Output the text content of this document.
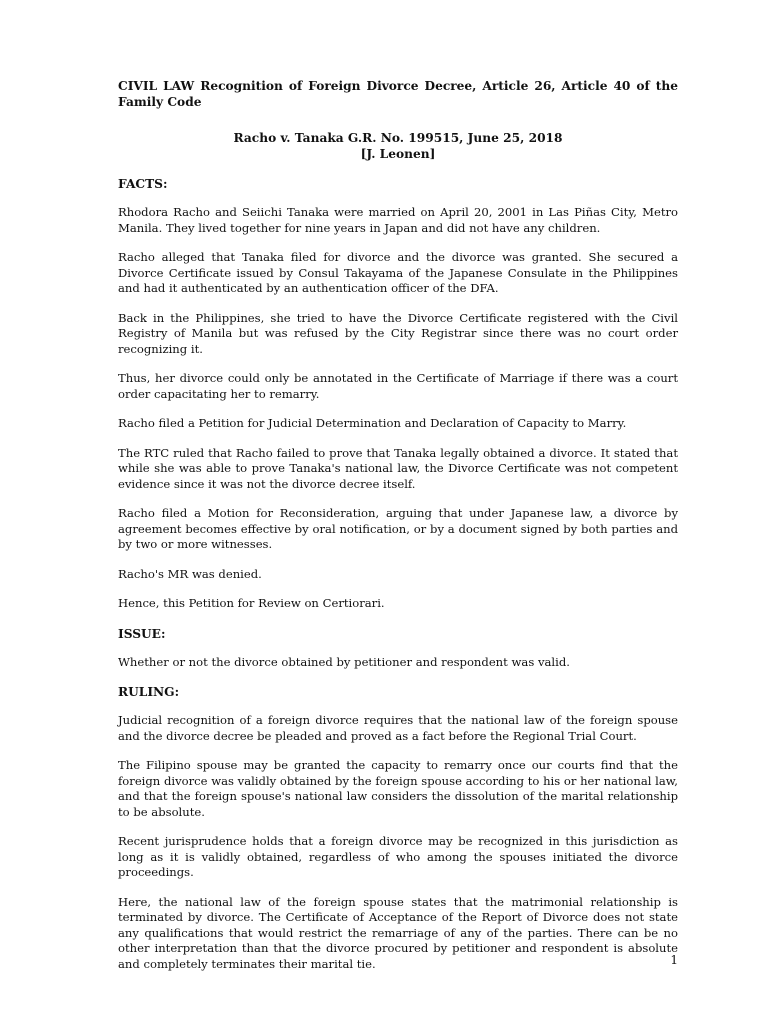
CIVIL LAW Recognition of Foreign Divorce Decree, Article 26, Article 40 of the Family Code

Racho v. Tanaka G.R. No. 199515, June 25, 2018
[J. Leonen]

FACTS:

Rhodora Racho and Seiichi Tanaka were married on April 20, 2001 in Las Piñas City, Metro Manila. They lived together for nine years in Japan and did not have any children.

Racho alleged that Tanaka filed for divorce and the divorce was granted. She secured a Divorce Certificate issued by Consul Takayama of the Japanese Consulate in the Philippines and had it authenticated by an authentication officer of the DFA.

Back in the Philippines, she tried to have the Divorce Certificate registered with the Civil Registry of Manila but was refused by the City Registrar since there was no court order recognizing it.

Thus, her divorce could only be annotated in the Certificate of Marriage if there was a court order capacitating her to remarry.

Racho filed a Petition for Judicial Determination and Declaration of Capacity to Marry.

The RTC ruled that Racho failed to prove that Tanaka legally obtained a divorce. It stated that while she was able to prove Tanaka's national law, the Divorce Certificate was not competent evidence since it was not the divorce decree itself.

Racho filed a Motion for Reconsideration, arguing that under Japanese law, a divorce by agreement becomes effective by oral notification, or by a document signed by both parties and by two or more witnesses.

Racho's MR was denied.

Hence, this Petition for Review on Certiorari.

ISSUE:

Whether or not the divorce obtained by petitioner and respondent was valid.

RULING:

Judicial recognition of a foreign divorce requires that the national law of the foreign spouse and the divorce decree be pleaded and proved as a fact before the Regional Trial Court.

The Filipino spouse may be granted the capacity to remarry once our courts find that the foreign divorce was validly obtained by the foreign spouse according to his or her national law, and that the foreign spouse's national law considers the dissolution of the marital relationship to be absolute.

Recent jurisprudence holds that a foreign divorce may be recognized in this jurisdiction as long as it is validly obtained, regardless of who among the spouses initiated the divorce proceedings.

Here, the national law of the foreign spouse states that the matrimonial relationship is terminated by divorce. The Certificate of Acceptance of the Report of Divorce does not state any qualifications that would restrict the remarriage of any of the parties. There can be no other interpretation than that the divorce procured by petitioner and respondent is absolute and completely terminates their marital tie.	1
